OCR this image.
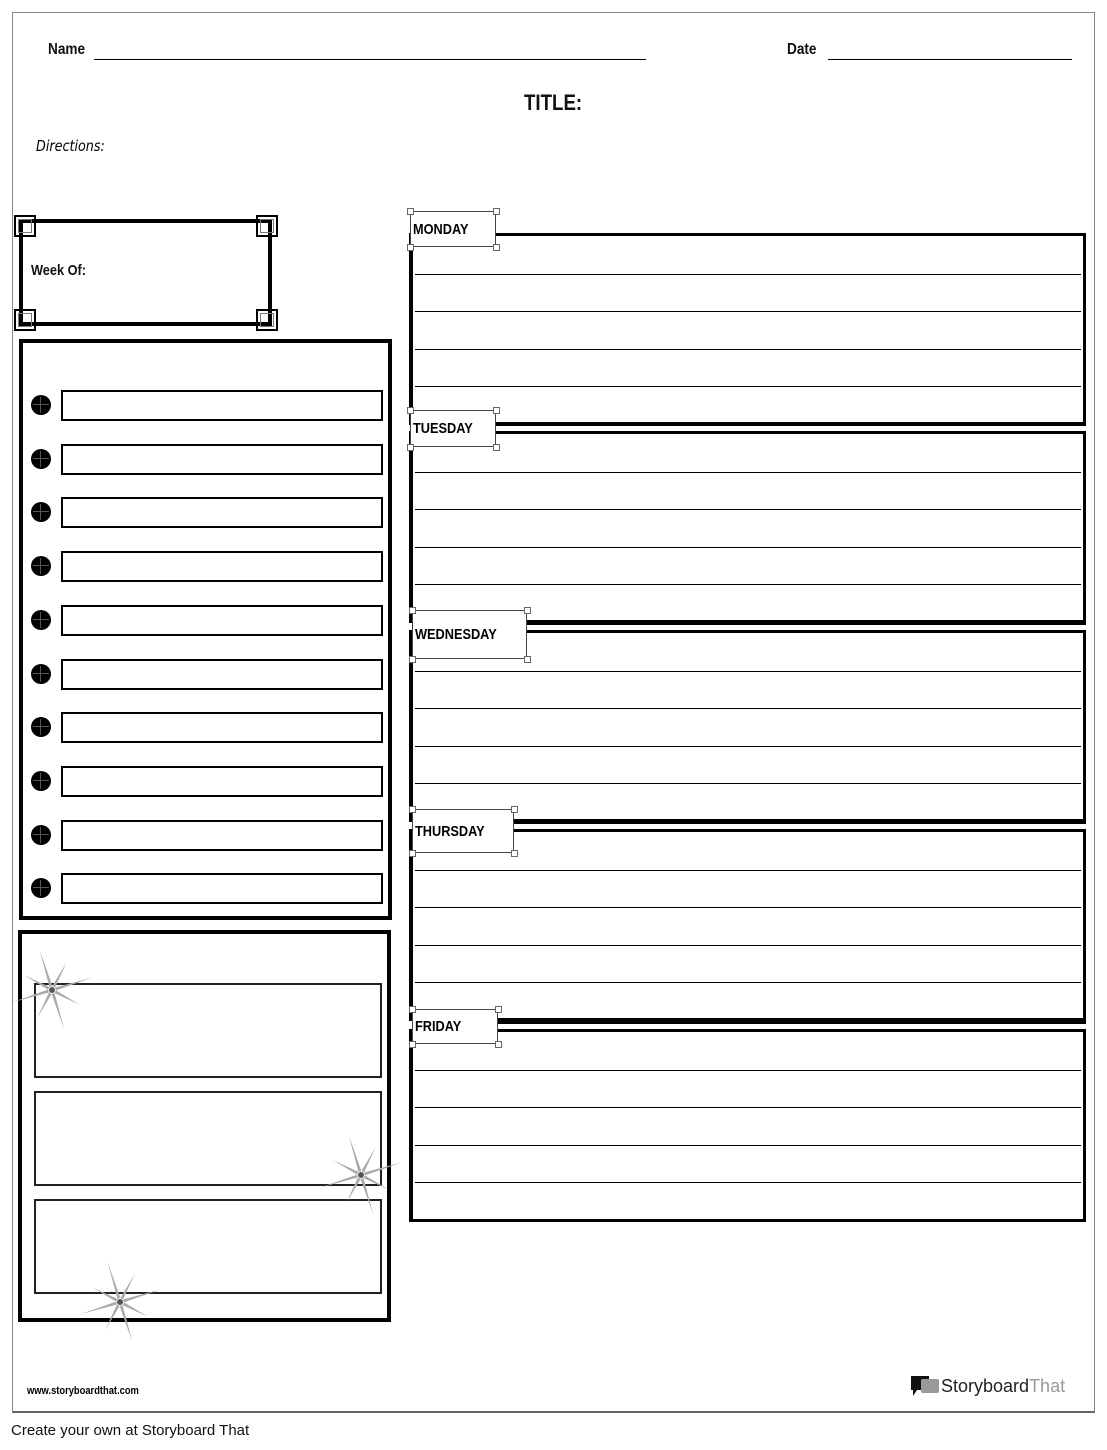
Name	Date
TITLE:
Directions:
Week Of:
MONDAY
TUESDAY
WEDNESDAY
THURSDAY
FRIDAY
www.storyboardthat.com	Storyboard That
Create your own at Storyboard That
